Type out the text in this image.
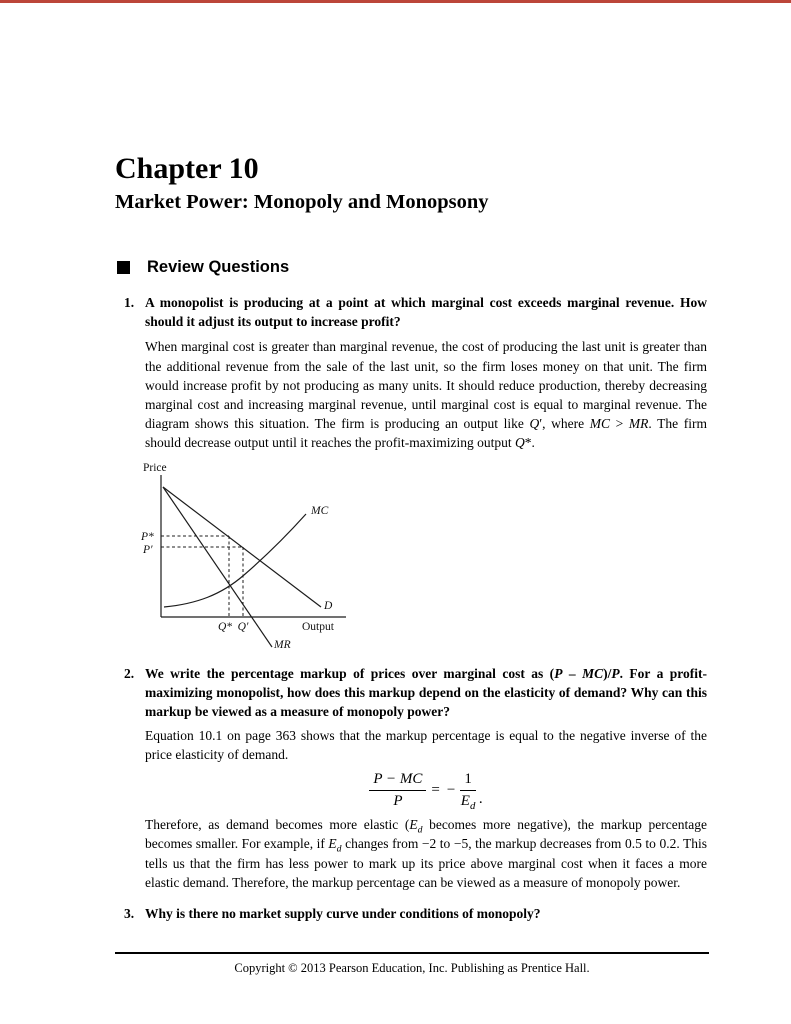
Chapter 10
Market Power: Monopoly and Monopsony
Review Questions
1. A monopolist is producing at a point at which marginal cost exceeds marginal revenue. How should it adjust its output to increase profit?

When marginal cost is greater than marginal revenue, the cost of producing the last unit is greater than the additional revenue from the sale of the last unit, so the firm loses money on that unit. The firm would increase profit by not producing as many units. It should reduce production, thereby decreasing marginal cost and increasing marginal revenue, until marginal cost is equal to marginal revenue. The diagram shows this situation. The firm is producing an output like Q′, where MC > MR. The firm should decrease output until it reaches the profit-maximizing output Q*.

Price
Output
MC
D
MR
P*
P′
Q* Q′
2. We write the percentage markup of prices over marginal cost as (P – MC)/P. For a profit-maximizing monopolist, how does this markup depend on the elasticity of demand? Why can this markup be viewed as a measure of monopoly power?

Equation 10.1 on page 363 shows that the markup percentage is equal to the negative inverse of the price elasticity of demand.

$\frac{P - MC}{P}$ = − $\frac{1}{E_d}$ .

Therefore, as demand becomes more elastic ($E_d$ becomes more negative), the markup percentage becomes smaller. For example, if $E_d$ changes from −2 to −5, the markup decreases from 0.5 to 0.2. This tells us that the firm has less power to mark up its price above marginal cost when it faces a more elastic demand. Therefore, the markup percentage can be viewed as a measure of monopoly power.

3. Why is there no market supply curve under conditions of monopoly?

Copyright © 2013 Pearson Education, Inc. Publishing as Prentice Hall.
